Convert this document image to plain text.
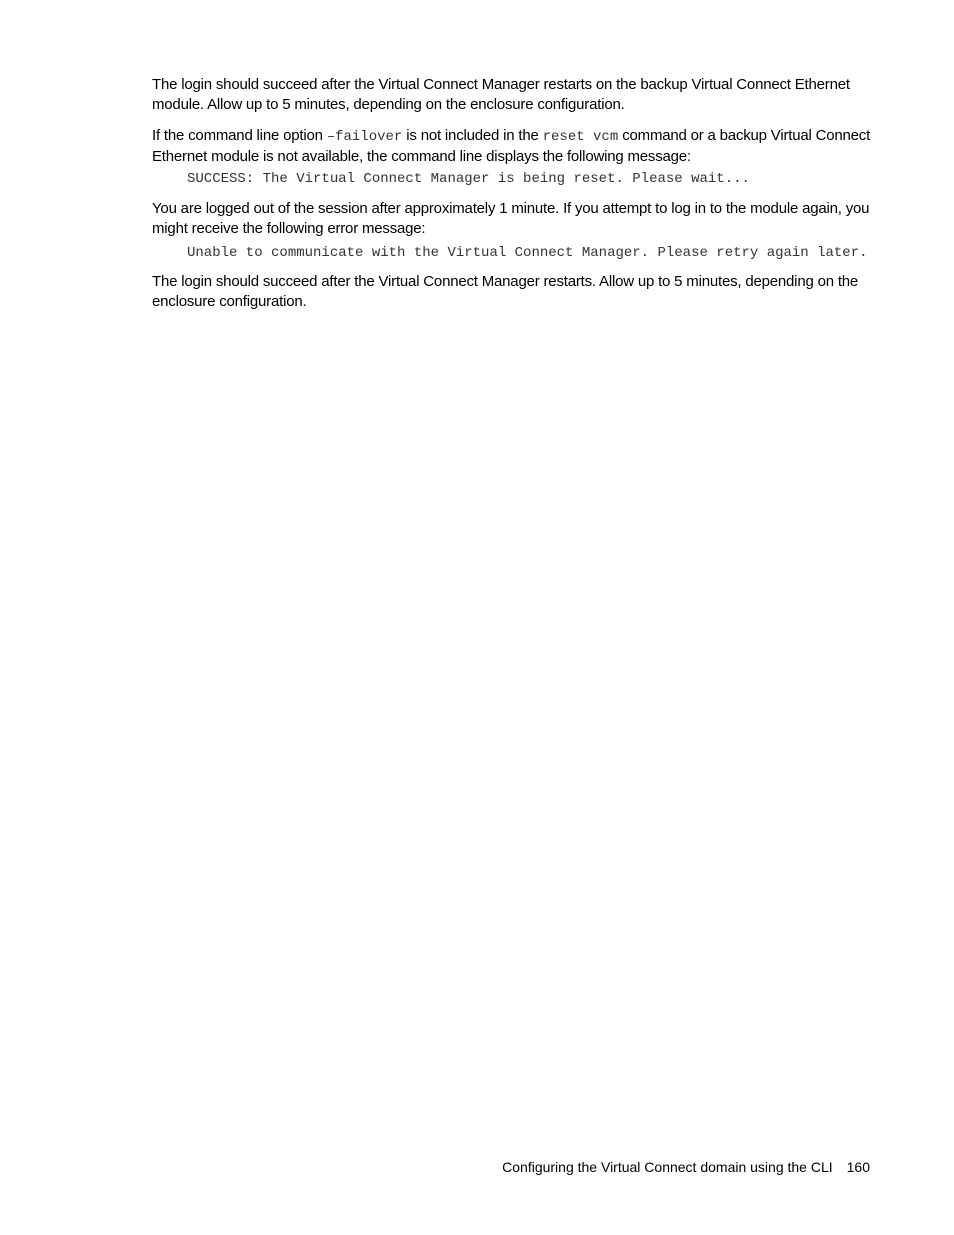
The login should succeed after the Virtual Connect Manager restarts on the backup Virtual Connect Ethernet module. Allow up to 5 minutes, depending on the enclosure configuration.

If the command line option –failover is not included in the reset vcm command or a backup Virtual Connect Ethernet module is not available, the command line displays the following message:

SUCCESS: The Virtual Connect Manager is being reset. Please wait...

You are logged out of the session after approximately 1 minute. If you attempt to log in to the module again, you might receive the following error message:

Unable to communicate with the Virtual Connect Manager. Please retry again later.

The login should succeed after the Virtual Connect Manager restarts. Allow up to 5 minutes, depending on the enclosure configuration.

Configuring the Virtual Connect domain using the CLI 160
